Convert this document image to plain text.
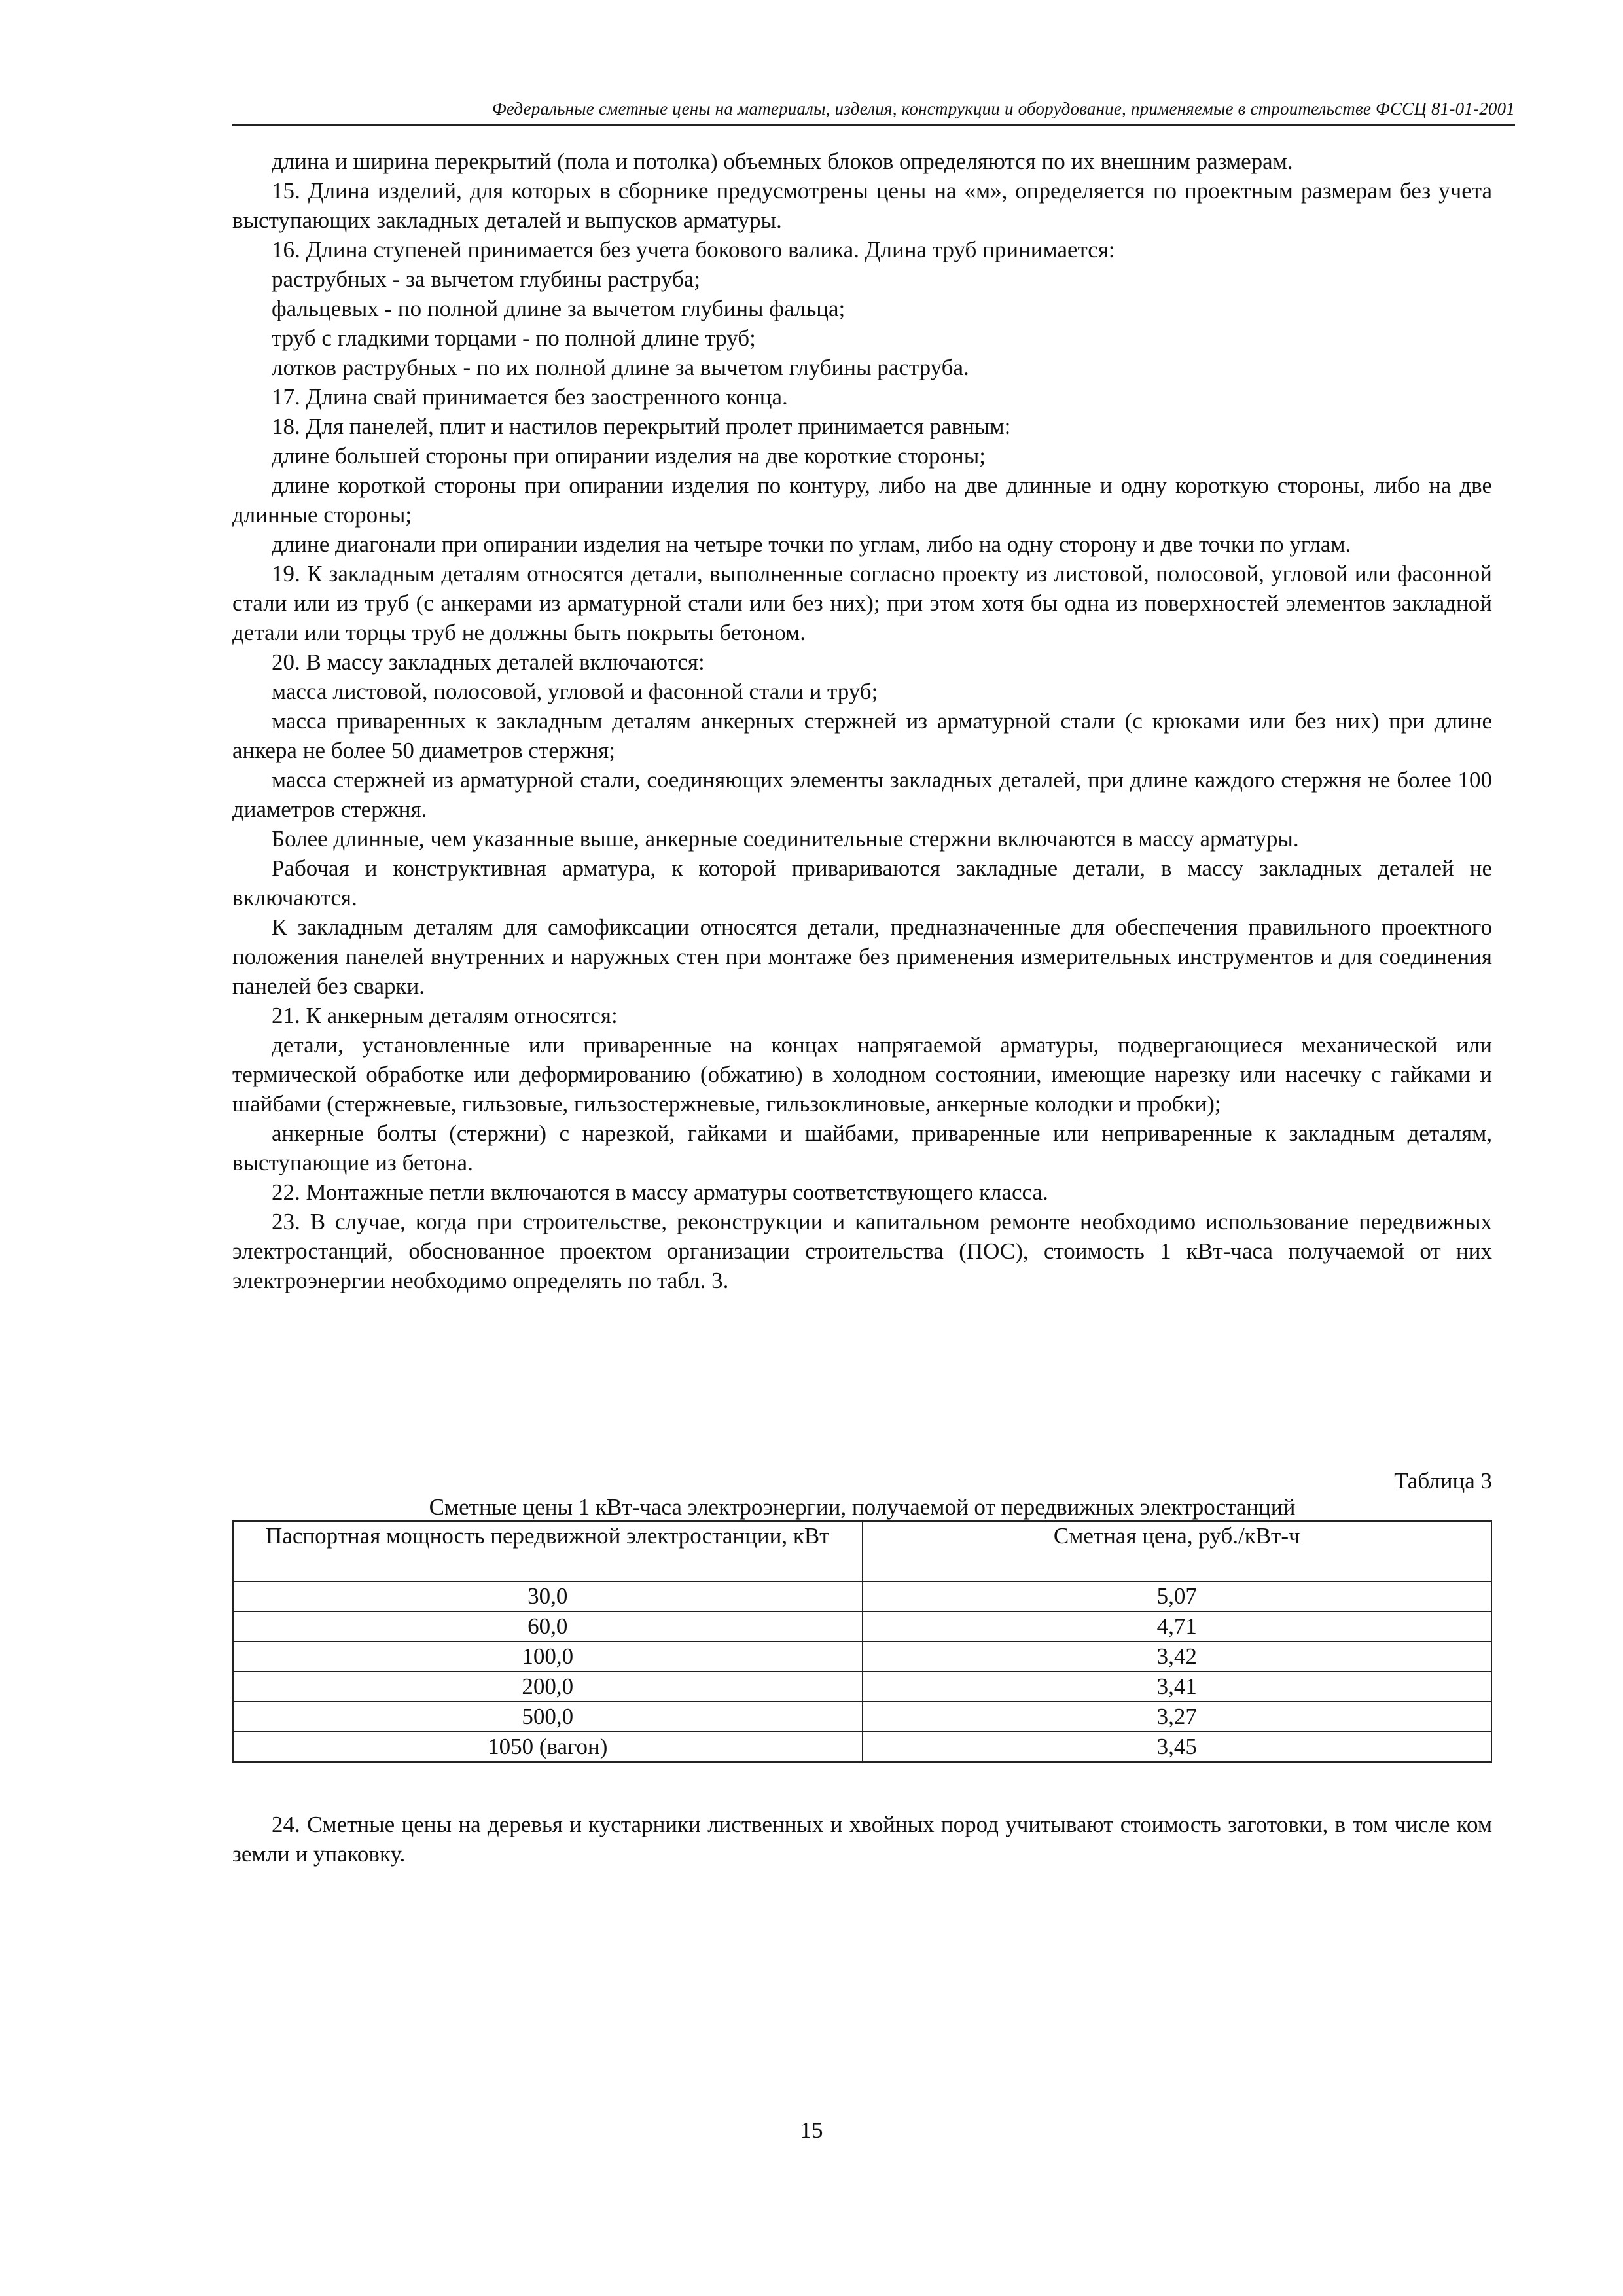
Федеральные сметные цены на материалы, изделия, конструкции и оборудование, применяемые в строительстве ФССЦ 81-01-2001

длина и ширина перекрытий (пола и потолка) объемных блоков определяются по их внешним размерам.

15. Длина изделий, для которых в сборнике предусмотрены цены на «м», определяется по проектным размерам без учета выступающих закладных деталей и выпусков арматуры.

16. Длина ступеней принимается без учета бокового валика. Длина труб принимается:

раструбных - за вычетом глубины раструба;

фальцевых - по полной длине за вычетом глубины фальца;

труб с гладкими торцами - по полной длине труб;

лотков раструбных - по их полной длине за вычетом глубины раструба.

17. Длина свай принимается без заостренного конца.

18. Для панелей, плит и настилов перекрытий пролет принимается равным:

длине большей стороны при опирании изделия на две короткие стороны;

длине короткой стороны при опирании изделия по контуру, либо на две длинные и одну короткую стороны, либо на две длинные стороны;

длине диагонали при опирании изделия на четыре точки по углам, либо на одну сторону и две точки по углам.

19. К закладным деталям относятся детали, выполненные согласно проекту из листовой, полосовой, угловой или фасонной стали или из труб (с анкерами из арматурной стали или без них); при этом хотя бы одна из поверхностей элементов закладной детали или торцы труб не должны быть покрыты бетоном.

20. В массу закладных деталей включаются:

масса листовой, полосовой, угловой и фасонной стали и труб;

масса приваренных к закладным деталям анкерных стержней из арматурной стали (с крюками или без них) при длине анкера не более 50 диаметров стержня;

масса стержней из арматурной стали, соединяющих элементы закладных деталей, при длине каждого стержня не более 100 диаметров стержня.

Более длинные, чем указанные выше, анкерные соединительные стержни включаются в массу арматуры.

Рабочая и конструктивная арматура, к которой привариваются закладные детали, в массу закладных деталей не включаются.

К закладным деталям для самофиксации относятся детали, предназначенные для обеспечения правильного проектного положения панелей внутренних и наружных стен при монтаже без применения измерительных инструментов и для соединения панелей без сварки.

21. К анкерным деталям относятся:

детали, установленные или приваренные на концах напрягаемой арматуры, подвергающиеся механической или термической обработке или деформированию (обжатию) в холодном состоянии, имеющие нарезку или насечку с гайками и шайбами (стержневые, гильзовые, гильзостержневые, гильзоклиновые, анкерные колодки и пробки);

анкерные болты (стержни) с нарезкой, гайками и шайбами, приваренные или неприваренные к закладным деталям, выступающие из бетона.

22. Монтажные петли включаются в массу арматуры соответствующего класса.

23. В случае, когда при строительстве, реконструкции и капитальном ремонте необходимо использование передвижных электростанций, обоснованное проектом организации строительства (ПОС), стоимость 1 кВт-часа получаемой от них электроэнергии необходимо определять по табл. 3.

Таблица 3
Сметные цены 1 кВт-часа электроэнергии, получаемой от передвижных электростанций
Паспортная мощность передвижной электростанции, кВт	Сметная цена, руб./кВт-ч
30,0	5,07
60,0	4,71
100,0	3,42
200,0	3,41
500,0	3,27
1050 (вагон)	3,45

24. Сметные цены на деревья и кустарники лиственных и хвойных пород учитывают стоимость заготовки, в том числе ком земли и упаковку.

15
